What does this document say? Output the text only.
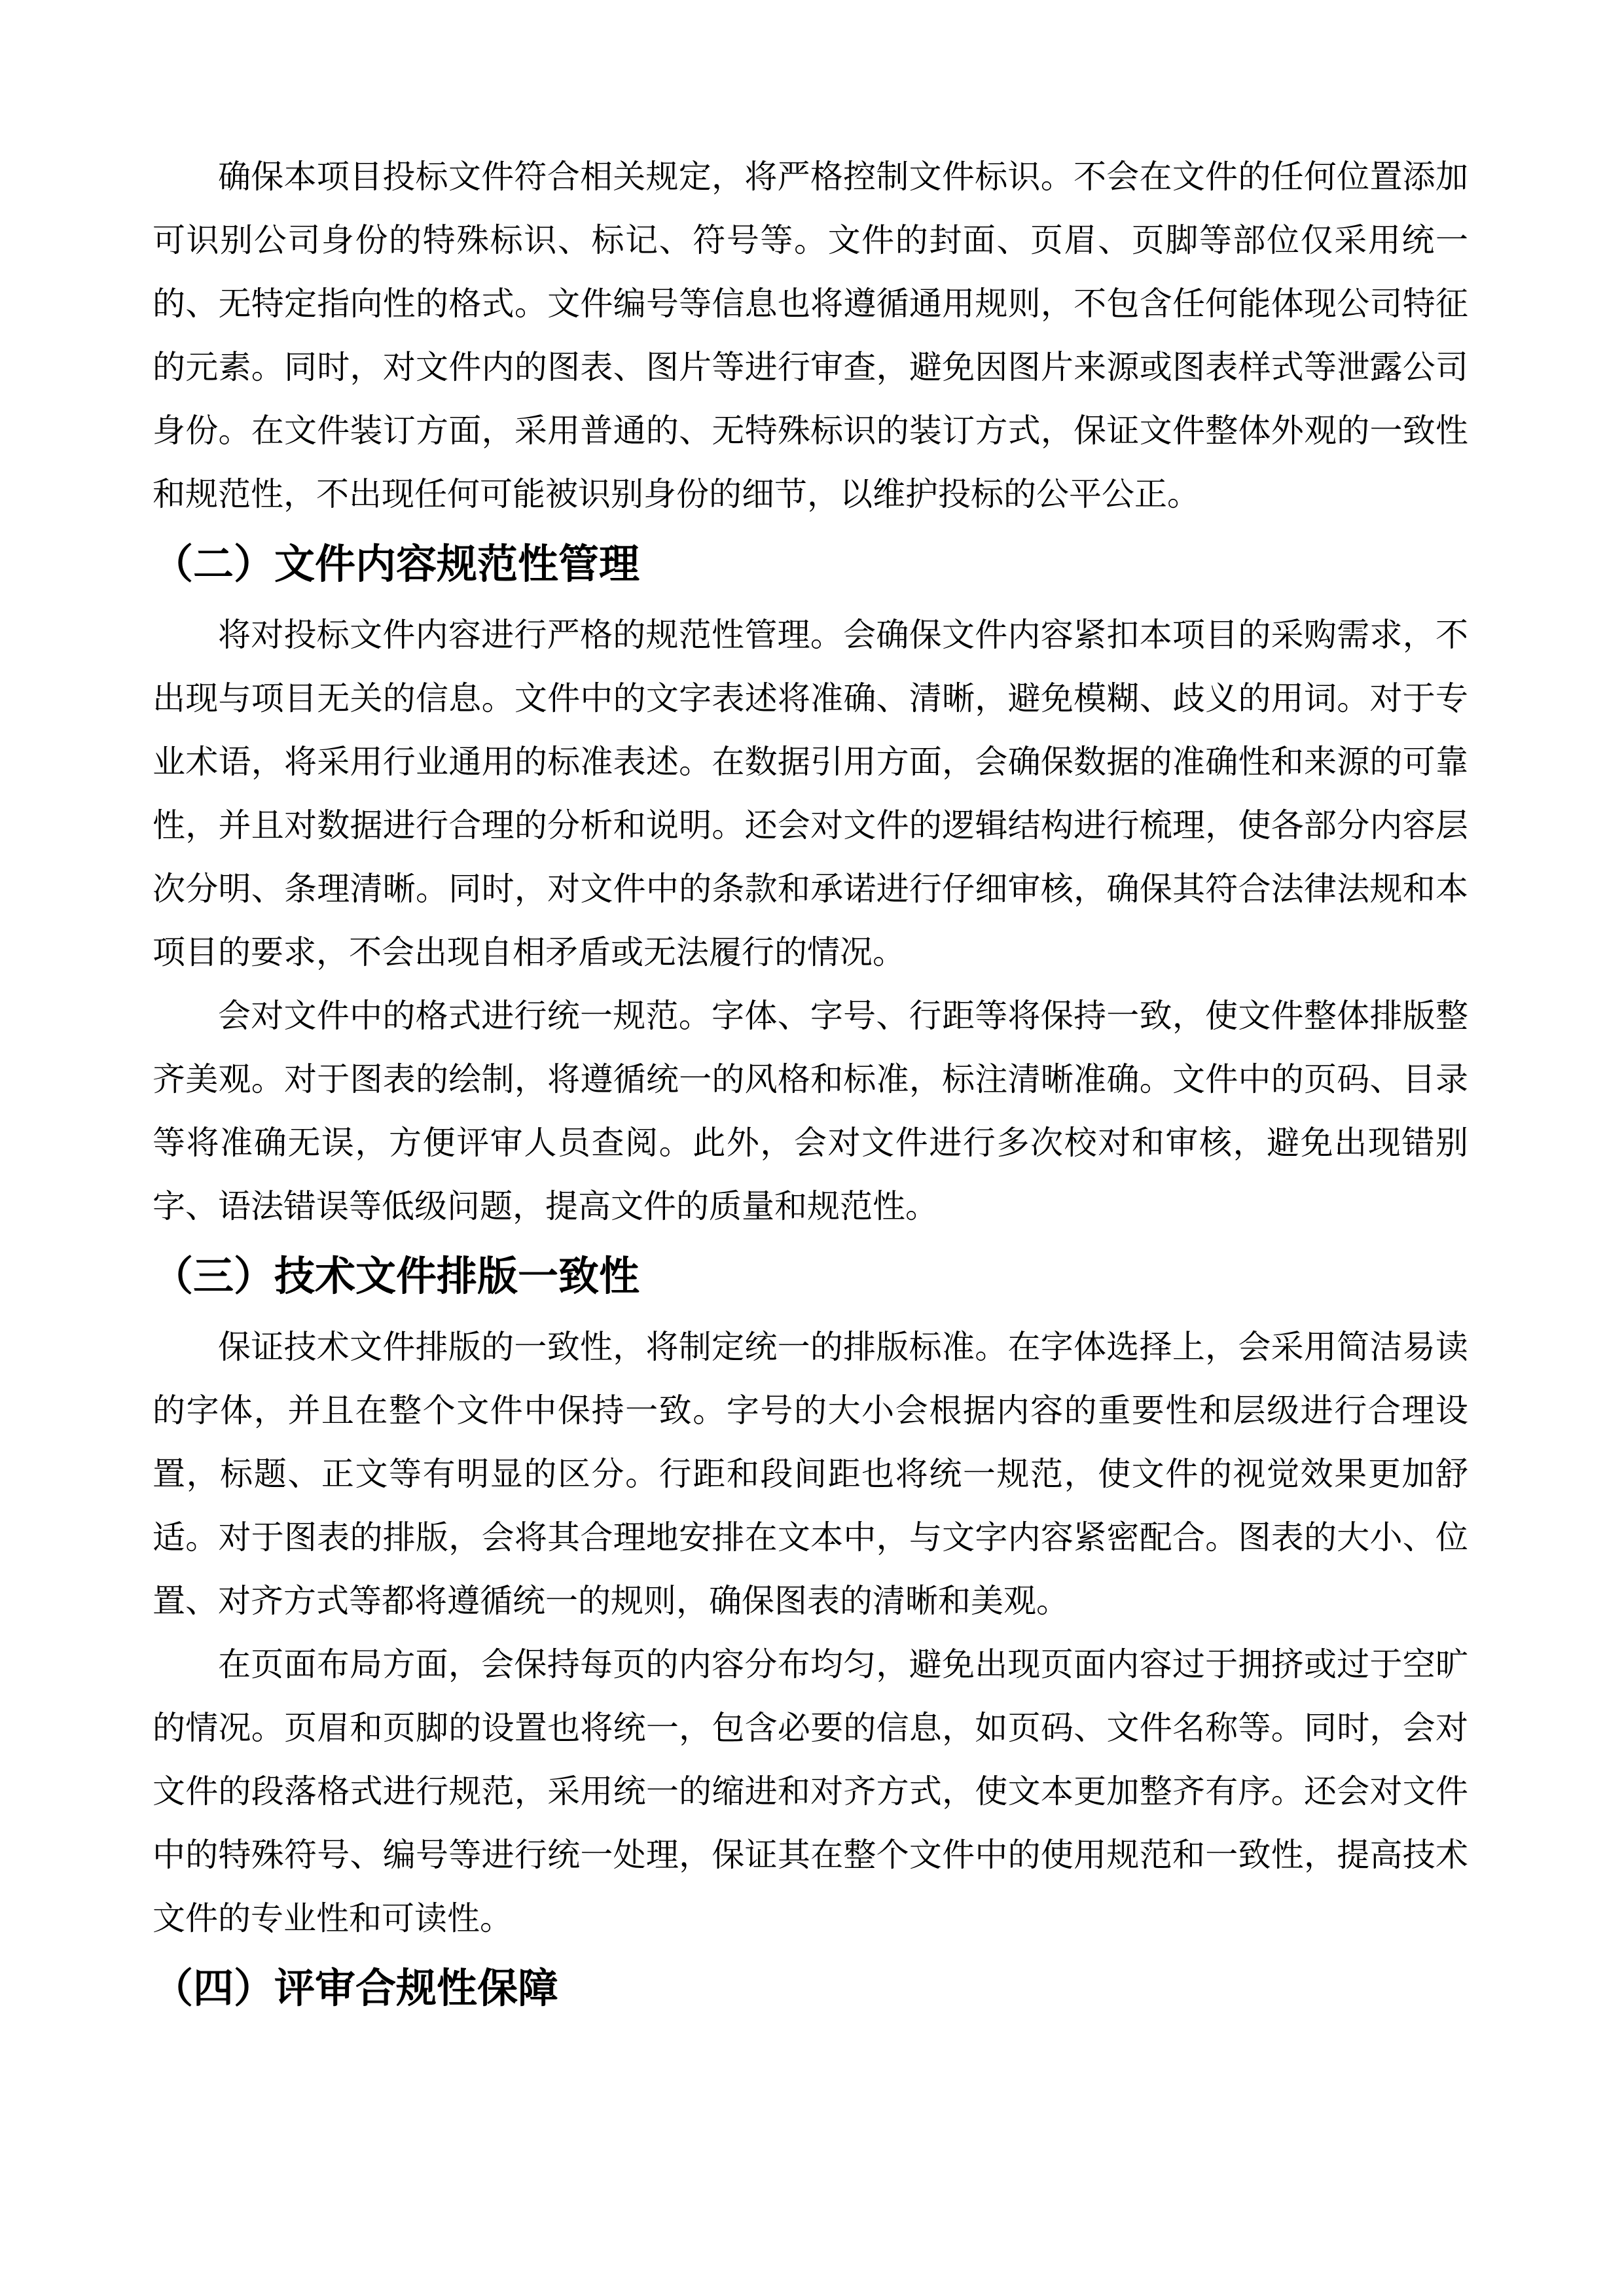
确保本项目投标文件符合相关规定，将严格控制文件标识。不会在文件的任何位置添加可识别公司身份的特殊标识、标记、符号等。文件的封面、页眉、页脚等部位仅采用统一的、无特定指向性的格式。文件编号等信息也将遵循通用规则，不包含任何能体现公司特征的元素。同时，对文件内的图表、图片等进行审查，避免因图片来源或图表样式等泄露公司身份。在文件装订方面，采用普通的、无特殊标识的装订方式，保证文件整体外观的一致性和规范性，不出现任何可能被识别身份的细节，以维护投标的公平公正。

（二）文件内容规范性管理

将对投标文件内容进行严格的规范性管理。会确保文件内容紧扣本项目的采购需求，不出现与项目无关的信息。文件中的文字表述将准确、清晰，避免模糊、歧义的用词。对于专业术语，将采用行业通用的标准表述。在数据引用方面，会确保数据的准确性和来源的可靠性，并且对数据进行合理的分析和说明。还会对文件的逻辑结构进行梳理，使各部分内容层次分明、条理清晰。同时，对文件中的条款和承诺进行仔细审核，确保其符合法律法规和本项目的要求，不会出现自相矛盾或无法履行的情况。

会对文件中的格式进行统一规范。字体、字号、行距等将保持一致，使文件整体排版整齐美观。对于图表的绘制，将遵循统一的风格和标准，标注清晰准确。文件中的页码、目录等将准确无误，方便评审人员查阅。此外，会对文件进行多次校对和审核，避免出现错别字、语法错误等低级问题，提高文件的质量和规范性。

（三）技术文件排版一致性

保证技术文件排版的一致性，将制定统一的排版标准。在字体选择上，会采用简洁易读的字体，并且在整个文件中保持一致。字号的大小会根据内容的重要性和层级进行合理设置，标题、正文等有明显的区分。行距和段间距也将统一规范，使文件的视觉效果更加舒适。对于图表的排版，会将其合理地安排在文本中，与文字内容紧密配合。图表的大小、位置、对齐方式等都将遵循统一的规则，确保图表的清晰和美观。

在页面布局方面，会保持每页的内容分布均匀，避免出现页面内容过于拥挤或过于空旷的情况。页眉和页脚的设置也将统一，包含必要的信息，如页码、文件名称等。同时，会对文件的段落格式进行规范，采用统一的缩进和对齐方式，使文本更加整齐有序。还会对文件中的特殊符号、编号等进行统一处理，保证其在整个文件中的使用规范和一致性，提高技术文件的专业性和可读性。

（四）评审合规性保障
